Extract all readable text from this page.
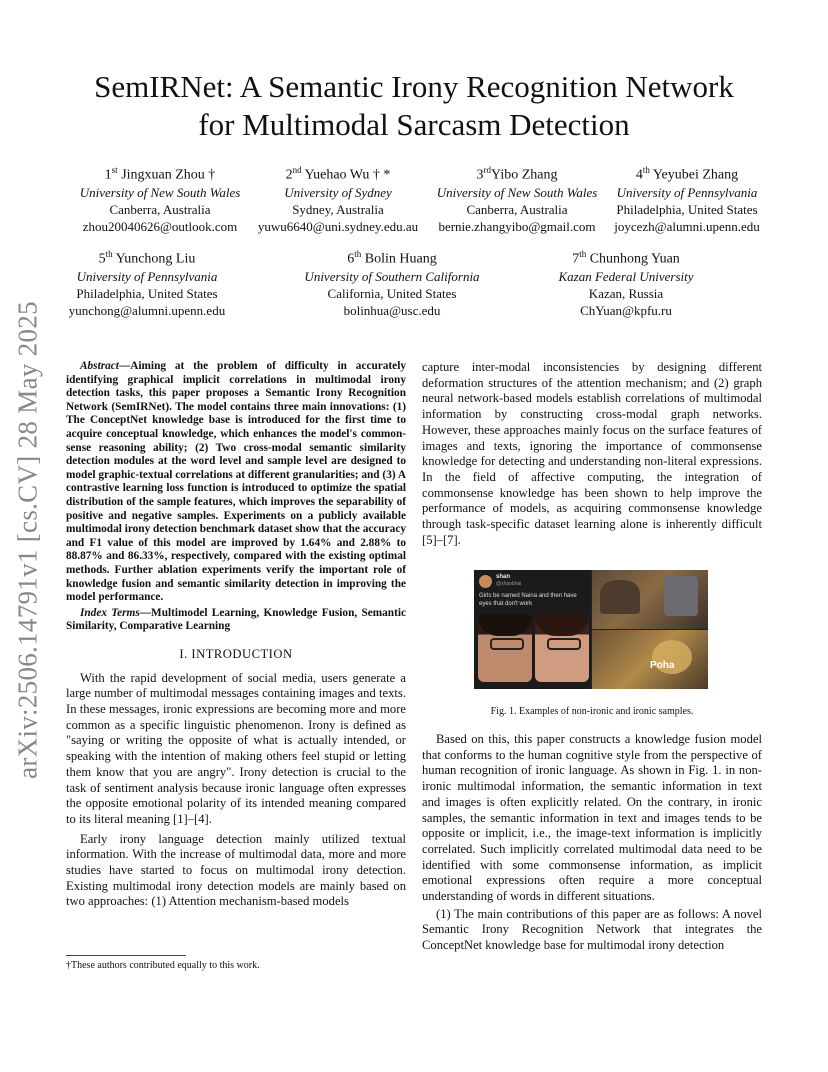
arXiv:2506.14791v1 [cs.CV] 28 May 2025
SemIRNet: A Semantic Irony Recognition Network
for Multimodal Sarcasm Detection
1st Jingxuan Zhou †
University of New South Wales
Canberra, Australia
zhou20040626@outlook.com
2nd Yuehao Wu † *
University of Sydney
Sydney, Australia
yuwu6640@uni.sydney.edu.au
3rdYibo Zhang
University of New South Wales
Canberra, Australia
bernie.zhangyibo@gmail.com
4th Yeyubei Zhang
University of Pennsylvania
Philadelphia, United States
joycezh@alumni.upenn.edu
5th Yunchong Liu
University of Pennsylvania
Philadelphia, United States
yunchong@alumni.upenn.edu
6th Bolin Huang
University of Southern California
California, United States
bolinhua@usc.edu
7th Chunhong Yuan
Kazan Federal University
Kazan, Russia
ChYuan@kpfu.ru
Abstract—Aiming at the problem of difficulty in accurately identifying graphical implicit correlations in multimodal irony detection tasks, this paper proposes a Semantic Irony Recognition Network (SemIRNet). The model contains three main innovations: (1) The ConceptNet knowledge base is introduced for the first time to acquire conceptual knowledge, which enhances the model's common-sense reasoning ability; (2) Two cross-modal semantic similarity detection modules at the word level and sample level are designed to model graphic-textual correlations at different granularities; and (3) A contrastive learning loss function is introduced to optimize the spatial distribution of the sample features, which improves the separability of positive and negative samples. Experiments on a publicly available multimodal irony detection benchmark dataset show that the accuracy and F1 value of this model are improved by 1.64% and 2.88% to 88.87% and 86.33%, respectively, compared with the existing optimal methods. Further ablation experiments verify the important role of knowledge fusion and semantic similarity detection in improving the model performance.
Index Terms—Multimodel Learning, Knowledge Fusion, Semantic Similarity, Comparative Learning
I. INTRODUCTION
With the rapid development of social media, users generate a large number of multimodal messages containing images and texts. In these messages, ironic expressions are becoming more and more common as a specific linguistic phenomenon. Irony is defined as "saying or writing the opposite of what is actually intended, or speaking with the intention of making others feel stupid or letting them know that you are angry". Irony detection is crucial to the task of sentiment analysis because ironic language often expresses the opposite emotional polarity of its intended meaning compared to its literal meaning [1]–[4].
Early irony language detection mainly utilized textual information. With the increase of multimodal data, more and more studies have started to focus on multimodal irony detection. Existing multimodal irony detection models are mainly based on two approaches: (1) Attention mechanism-based models
†These authors contributed equally to this work.
capture inter-modal inconsistencies by designing different deformation structures of the attention mechanism; and (2) graph neural network-based models establish correlations of multimodal information by constructing cross-modal graph networks. However, these approaches mainly focus on the surface features of images and texts, ignoring the importance of commonsense knowledge for detecting and understanding non-literal expressions. In the field of affective computing, the integration of commonsense knowledge has been shown to help improve the performance of models, as acquiring commonsense knowledge through task-specific dataset learning alone is inherently difficult [5]–[7].
shan
@shanbhai
Girls be named Naina and then have eyes that don't work
Poha
Fig. 1. Examples of non-ironic and ironic samples.
Based on this, this paper constructs a knowledge fusion model that conforms to the human cognitive style from the perspective of human recognition of ironic language. As shown in Fig. 1. in non-ironic multimodal information, the semantic information in text and images is often explicitly related. On the contrary, in ironic samples, the semantic information in text and images tends to be opposite or implicit, i.e., the image-text information is implicitly correlated. Such implicitly correlated multimodal data need to be identified with some commonsense information, as implicit emotional expressions often require a more conceptual understanding of words in different situations.
(1) The main contributions of this paper are as follows: A novel Semantic Irony Recognition Network that integrates the ConceptNet knowledge base for multimodal irony detection
